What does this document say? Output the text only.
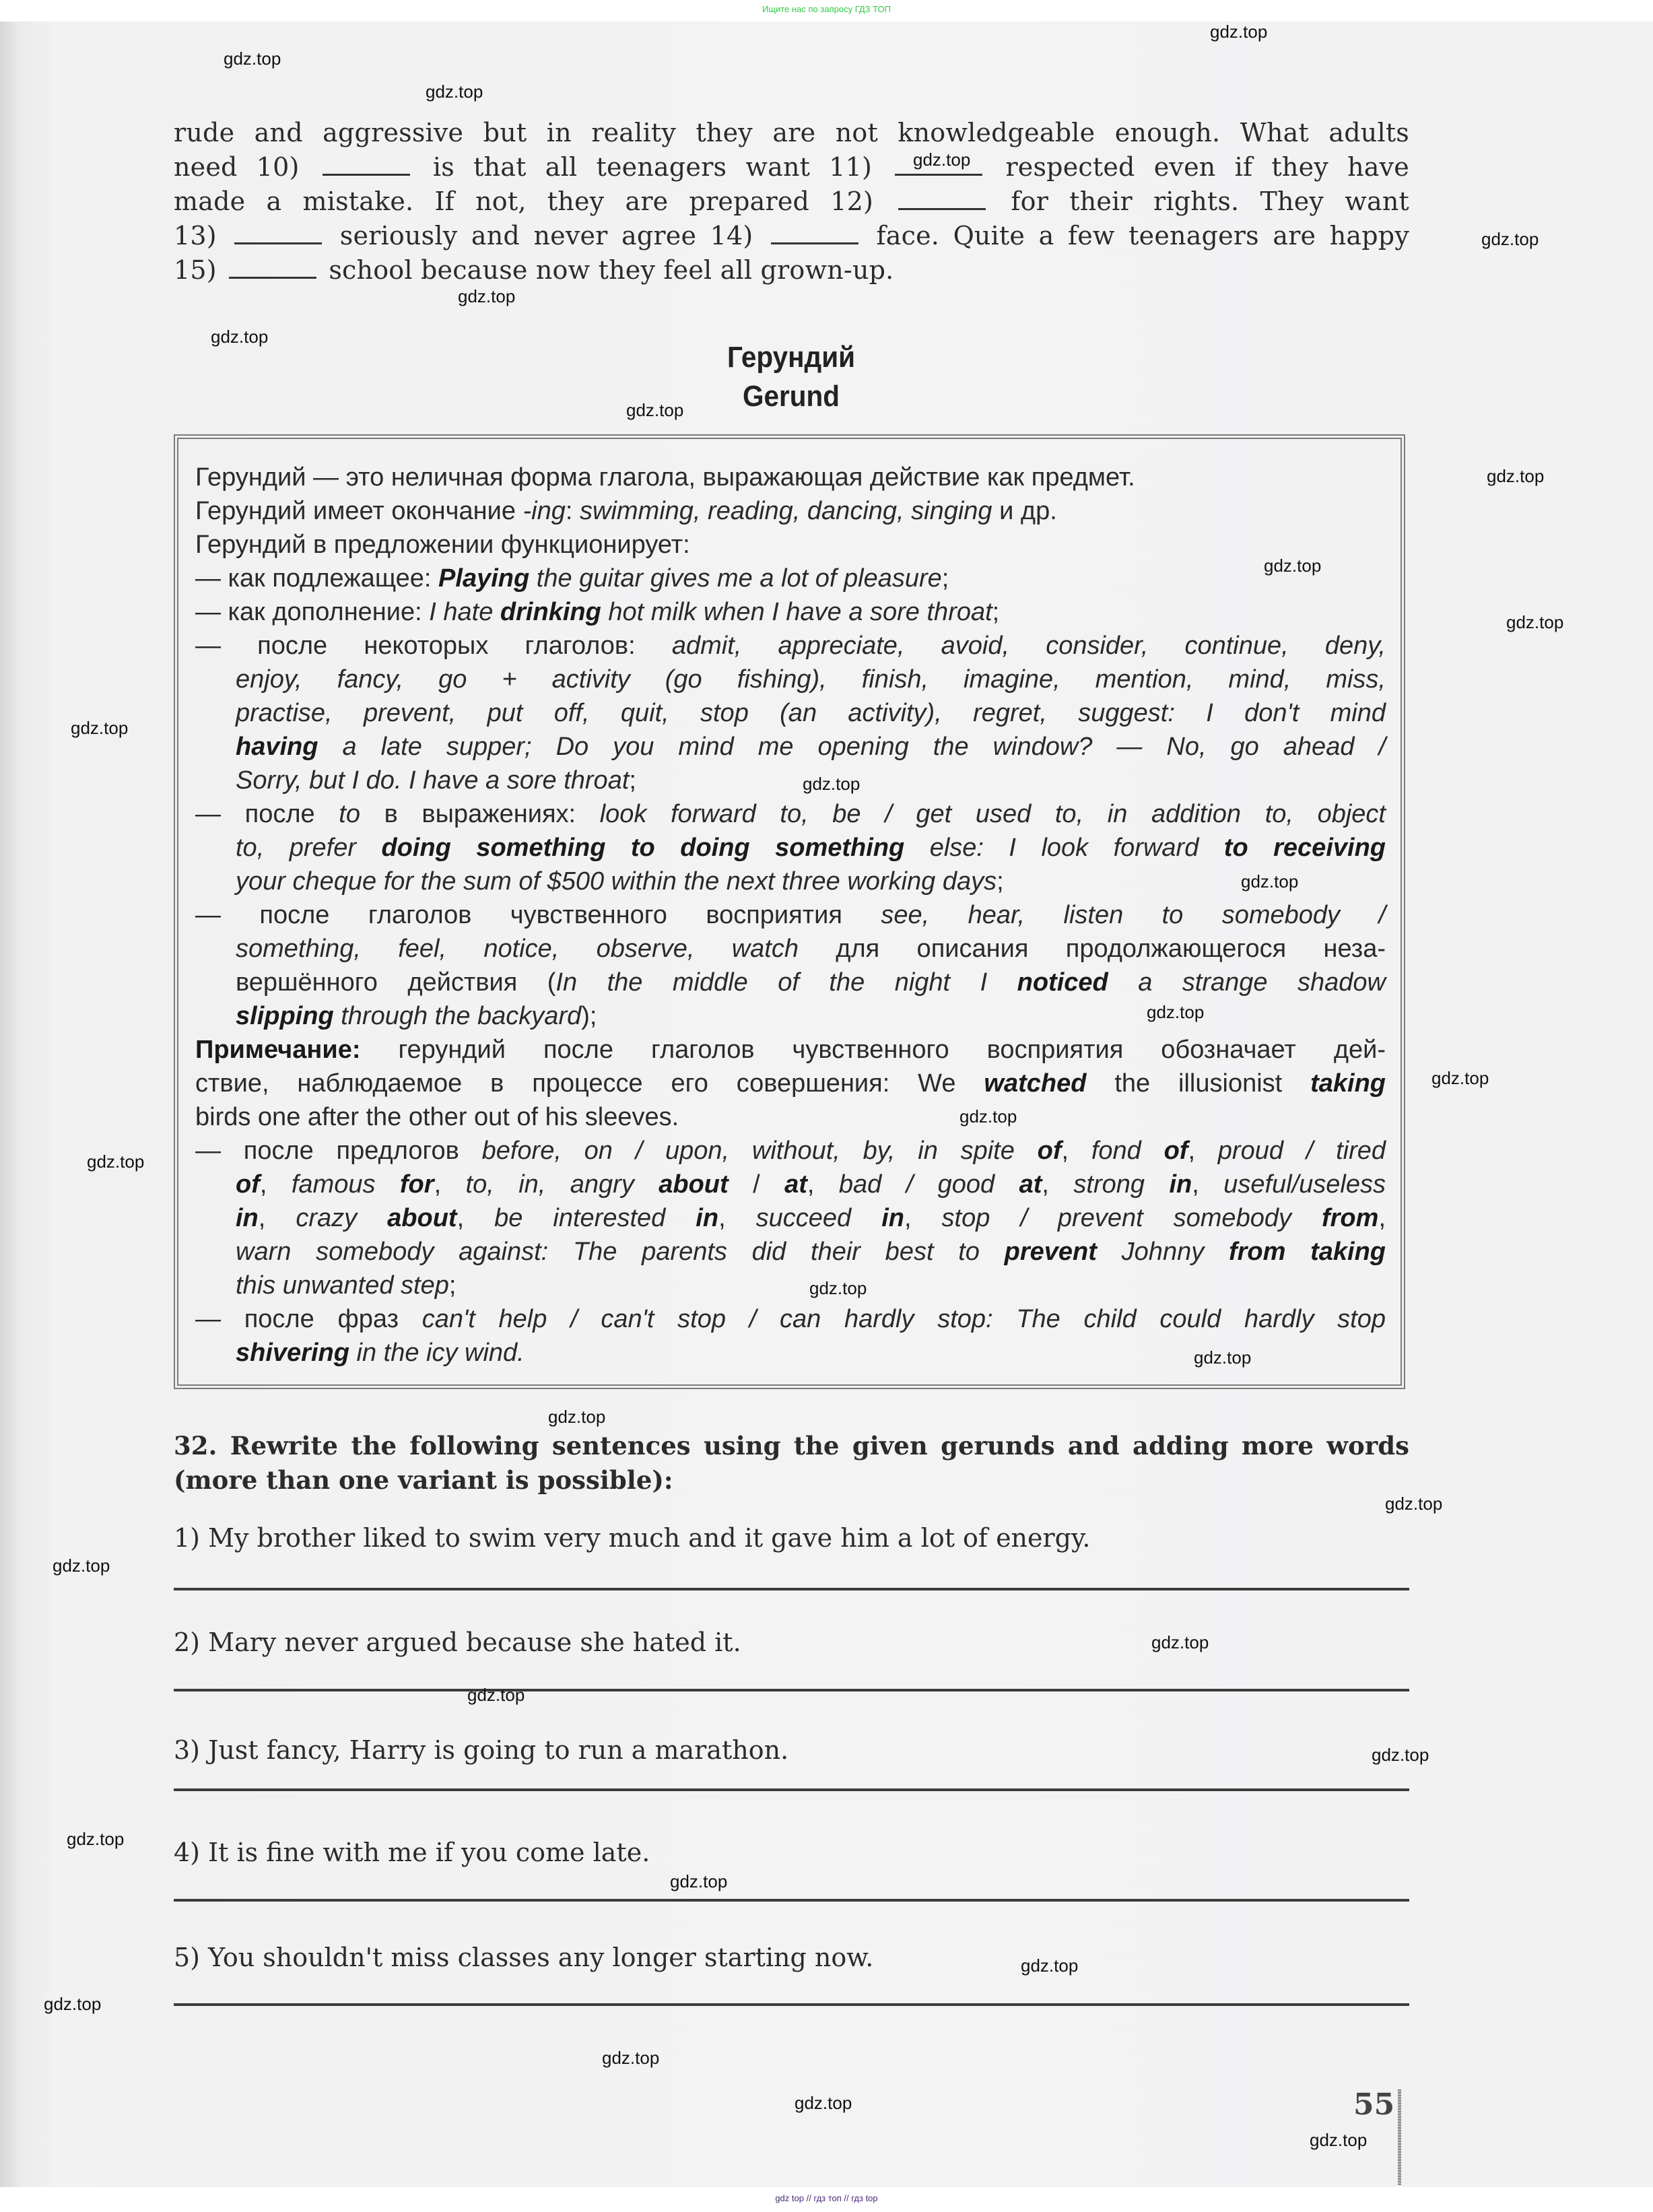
Ищите нас по запросу ГДЗ ТОП
rude and aggressive but in reality they are not knowledgeable enough. What adults
need 10)	is that all teenagers want 11)	respected even if they have
made a mistake. If not, they are prepared 12)	for their rights. They want
13)	seriously and never agree 14)	face. Quite a few teenagers are happy
15)	school because now they feel all grown-up.
Герундий
Gerund
Герундий — это неличная форма глагола, выражающая действие как предмет.
Герундий имеет окончание -ing: swimming, reading, dancing, singing и др.
Герундий в предложении функционирует:
— как подлежащее: Playing the guitar gives me a lot of pleasure;
— как дополнение: I hate drinking hot milk when I have a sore throat;
— после некоторых глаголов: admit, appreciate, avoid, consider, continue, deny,
enjoy, fancy, go + activity (go fishing), finish, imagine, mention, mind, miss,
practise, prevent, put off, quit, stop (an activity), regret, suggest: I don't mind
having a late supper; Do you mind me opening the window? — No, go ahead /
Sorry, but I do. I have a sore throat;
— после to в выражениях: look forward to, be / get used to, in addition to, object
to, prefer doing something to doing something else: I look forward to receiving
your cheque for the sum of $500 within the next three working days;
— после глаголов чувственного восприятия see, hear, listen to somebody /
something, feel, notice, observe, watch для описания продолжающегося неза-
вершённого действия (In the middle of the night I noticed a strange shadow
slipping through the backyard);
Примечание: герундий после глаголов чувственного восприятия обозначает дей-
ствие, наблюдаемое в процессе его совершения: We watched the illusionist taking
birds one after the other out of his sleeves.
— после предлогов before, on / upon, without, by, in spite of, fond of, proud / tired
of, famous for, to, in, angry about / at, bad / good at, strong in, useful/useless
in, crazy about, be interested in, succeed in, stop / prevent somebody from,
warn somebody against: The parents did their best to prevent Johnny from taking
this unwanted step;
— после фраз can't help / can't stop / can hardly stop: The child could hardly stop
shivering in the icy wind.
32. Rewrite the following sentences using the given gerunds and adding more words
(more than one variant is possible):
1) My brother liked to swim very much and it gave him a lot of energy.
2) Mary never argued because she hated it.
3) Just fancy, Harry is going to run a marathon.
4) It is fine with me if you come late.
5) You shouldn't miss classes any longer starting now.
55
gdz.top
gdz.top
gdz.top
gdz.top
gdz.top
gdz.top
gdz.top
gdz.top
gdz.top
gdz.top
gdz.top
gdz.top
gdz.top
gdz.top
gdz.top
gdz.top
gdz.top
gdz.top
gdz.top
gdz.top
gdz.top
gdz.top
gdz.top
gdz.top
gdz.top
gdz.top
gdz.top
gdz.top
gdz.top
gdz.top
gdz.top
gdz.top
gdz.top
gdz top // гдз топ // гдз top
